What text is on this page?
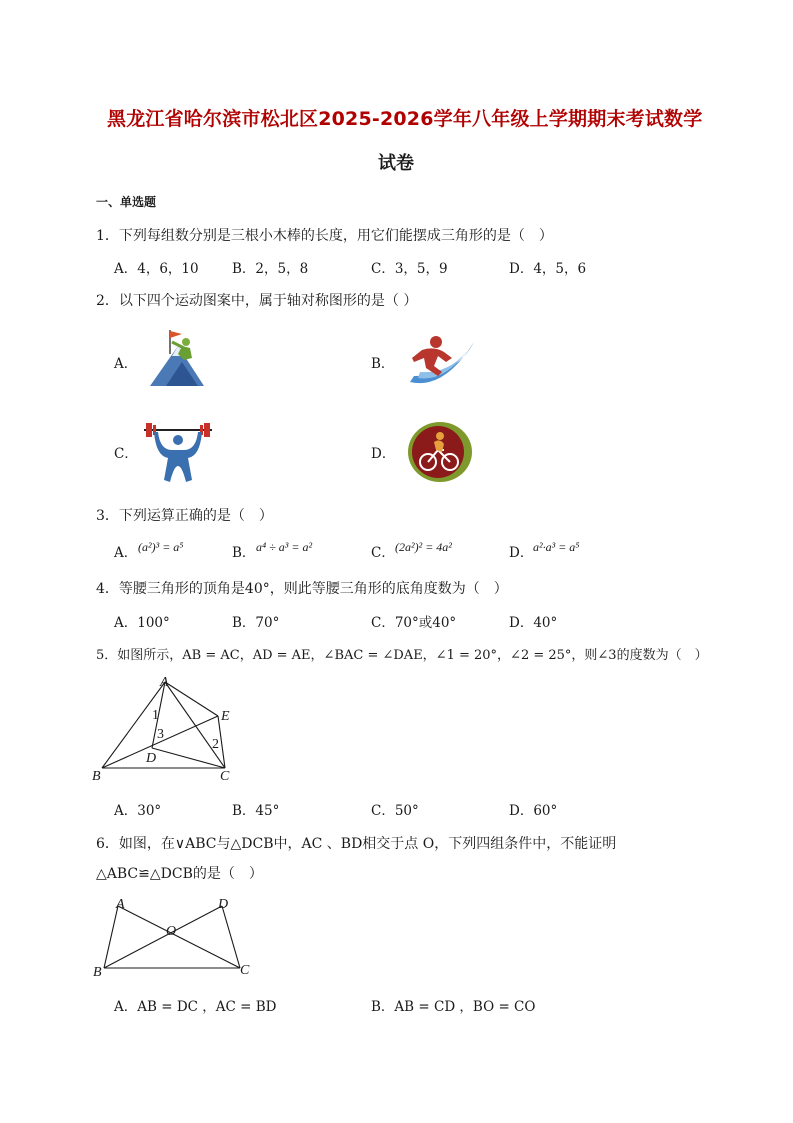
黑龙江省哈尔滨市松北区2025-2026学年八年级上学期期末考试数学
试卷
一、单选题
1．下列每组数分别是三根小木棒的长度，用它们能摆成三角形的是（　）
A．4，6，10 B．2，5，8	C．3，5，9	D．4，5，6
2．以下四个运动图案中，属于轴对称图形的是（ ）
A．	B．
C．	D．
3．下列运算正确的是（　）
A． (a²)³ = a⁵	B． a⁴ ÷ a³ = a²	C． (2a²)² = 4a²	D． a²·a³ = a⁵
4．等腰三角形的顶角是40°，则此等腰三角形的底角度数为（　）
A．100°	B．70°	C．70°或40°	D．40°
5．如图所示，AB = AC，AD = AE，∠BAC = ∠DAE，∠1 = 20°，∠2 = 25°，则∠3的度数为（　）
A
B	C
D
E
1
2
3
A．30°	B．45°	C．50°	D．60°
6．如图，在∨ABC与△DCB中，AC 、BD相交于点 O，下列四组条件中，不能证明
△ABC≌△DCB的是（　）
A	D
O
B	C
A．AB = DC ，AC = BD	B．AB = CD ，BO = CO
